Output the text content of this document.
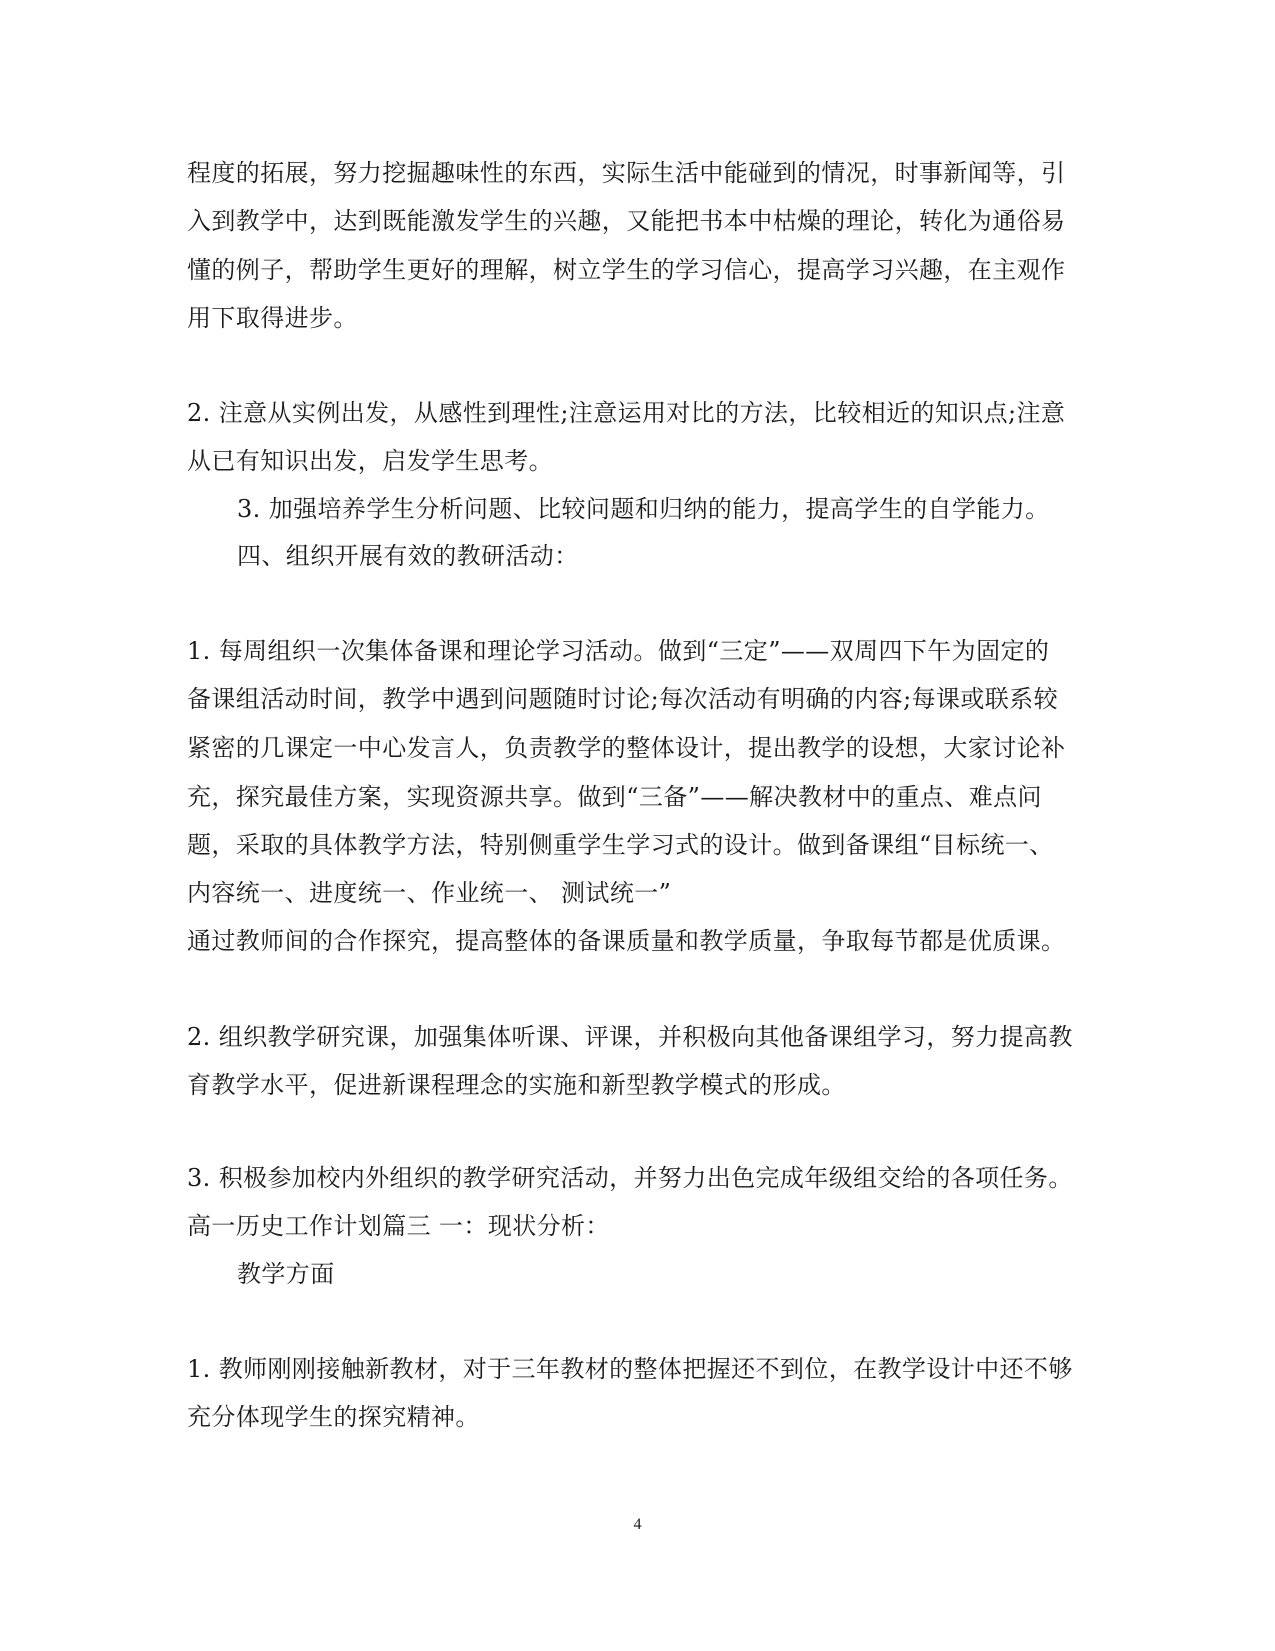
程度的拓展，努力挖掘趣味性的东西，实际生活中能碰到的情况，时事新闻等，引
入到教学中，达到既能激发学生的兴趣，又能把书本中枯燥的理论，转化为通俗易
懂的例子，帮助学生更好的理解，树立学生的学习信心，提高学习兴趣，在主观作
用下取得进步。
2. 注意从实例出发，从感性到理性;注意运用对比的方法，比较相近的知识点;注意
从已有知识出发，启发学生思考。
3. 加强培养学生分析问题、比较问题和归纳的能力，提高学生的自学能力。
四、组织开展有效的教研活动：
1. 每周组织一次集体备课和理论学习活动。做到“三定”——双周四下午为固定的
备课组活动时间，教学中遇到问题随时讨论;每次活动有明确的内容;每课或联系较
紧密的几课定一中心发言人，负责教学的整体设计，提出教学的设想，大家讨论补
充，探究最佳方案，实现资源共享。做到“三备”——解决教材中的重点、难点问
题，采取的具体教学方法，特别侧重学生学习式的设计。做到备课组“目标统一、
内容统一、进度统一、作业统一、 测试统一”
通过教师间的合作探究，提高整体的备课质量和教学质量，争取每节都是优质课。
2. 组织教学研究课，加强集体听课、评课，并积极向其他备课组学习，努力提高教
育教学水平，促进新课程理念的实施和新型教学模式的形成。
3. 积极参加校内外组织的教学研究活动，并努力出色完成年级组交给的各项任务。
高一历史工作计划篇三 一：现状分析：
教学方面
1. 教师刚刚接触新教材，对于三年教材的整体把握还不到位，在教学设计中还不够
充分体现学生的探究精神。
4
